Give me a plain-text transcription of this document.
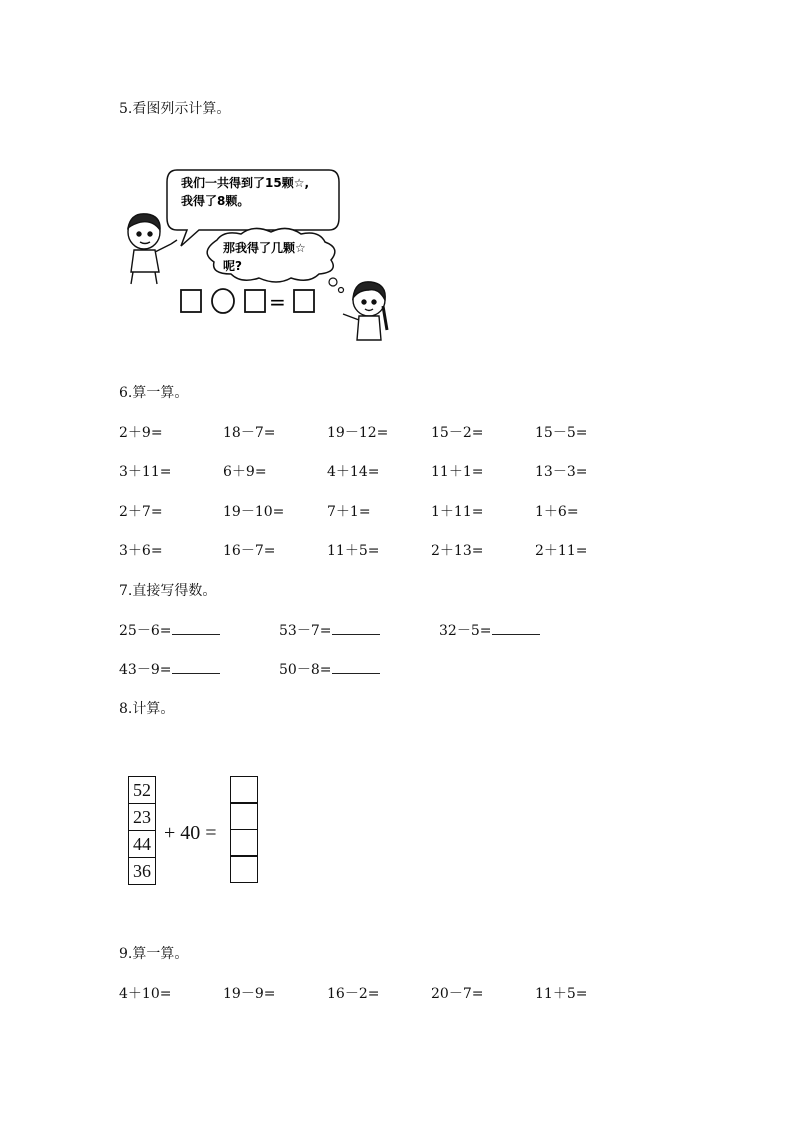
5.看图列示计算。
我们一共得到了15颗☆,
我得了8颗。
那我得了几颗☆
呢?
=
6.算一算。
2＋9=	18－7=	19－12=	15－2=	15－5=
3＋11=	6＋9=	4＋14=	11＋1=	13－3=
2＋7=	19－10=	7＋1=	1＋11=	1＋6=
3＋6=	16－7=	11＋5=	2＋13=	2＋11=
7.直接写得数。
25－6=	53－7=	32－5=
43－9=	50－8=
8.计算。
52
23
44
36
+ 40 =
9.算一算。
4＋10=	19－9=	16－2=	20－7=	11＋5=
